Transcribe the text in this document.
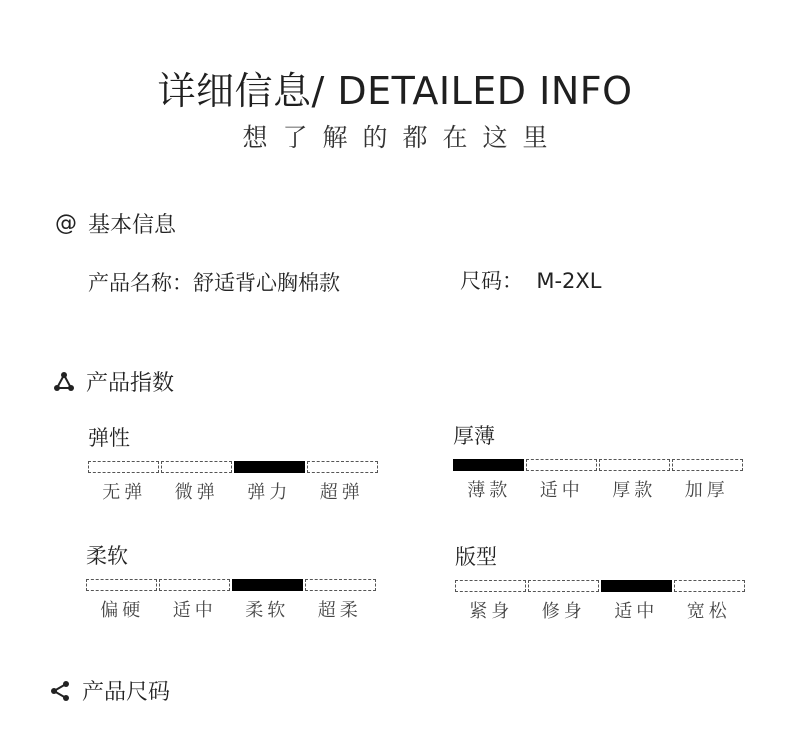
详细信息/ DETAILED INFO
想了解的都在这里
@ 基本信息
产品名称：舒适背心胸棉款	尺码：  M-2XL
产品指数
弹性
无弹	微弹	弹力	超弹
厚薄
薄款	适中	厚款	加厚
柔软
偏硬	适中	柔软	超柔
版型
紧身	修身	适中	宽松
产品尺码
